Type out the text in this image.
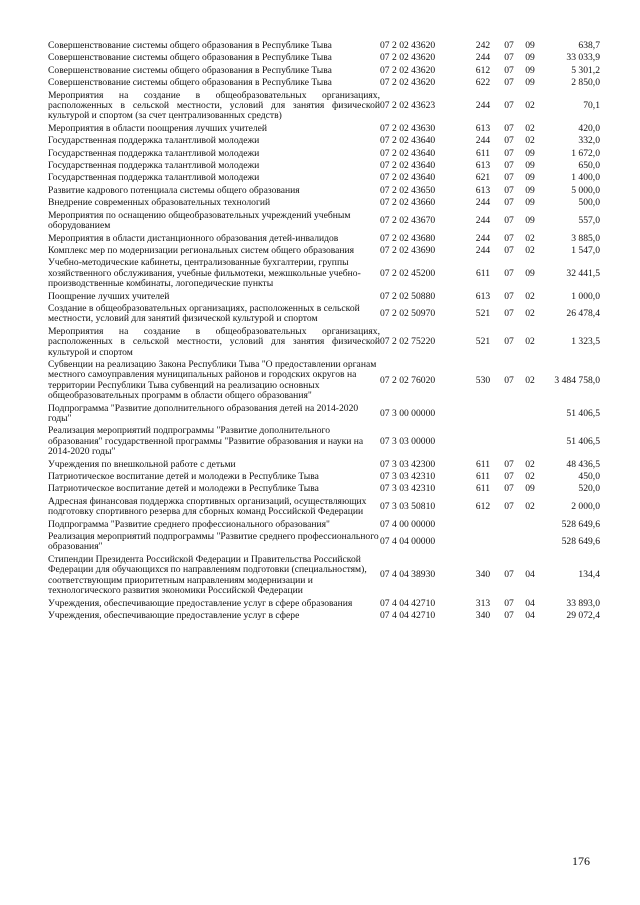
Совершенствование системы общего образования в Республике Тыва	07 2 02 43620	242	07	09	638,7
Совершенствование системы общего образования в Республике Тыва	07 2 02 43620	244	07	09	33 033,9
Совершенствование системы общего образования в Республике Тыва	07 2 02 43620	612	07	09	5 301,2
Совершенствование системы общего образования в Республике Тыва	07 2 02 43620	622	07	09	2 850,0
Мероприятия на создание в общеобразовательных организациях, расположенных в сельской местности, условий для занятия физической культурой и спортом (за счет централизованных средств)	07 2 02 43623	244	07	02	70,1
Мероприятия в области поощрения лучших учителей	07 2 02 43630	613	07	02	420,0
Государственная поддержка талантливой молодежи	07 2 02 43640	244	07	02	332,0
Государственная поддержка талантливой молодежи	07 2 02 43640	611	07	09	1 672,0
Государственная поддержка талантливой молодежи	07 2 02 43640	613	07	09	650,0
Государственная поддержка талантливой молодежи	07 2 02 43640	621	07	09	1 400,0
Развитие кадрового потенциала системы общего образования	07 2 02 43650	613	07	09	5 000,0
Внедрение современных образовательных технологий	07 2 02 43660	244	07	09	500,0
Мероприятия по оснащению общеобразовательных учреждений учебным оборудованием	07 2 02 43670	244	07	09	557,0
Мероприятия в области дистанционного образования детей-инвалидов	07 2 02 43680	244	07	02	3 885,0
Комплекс мер по модернизации региональных систем общего образования	07 2 02 43690	244	07	02	1 547,0
Учебно-методические кабинеты, централизованные бухгалтерии, группы хозяйственного обслуживания, учебные фильмотеки, межшкольные учебно-производственные комбинаты, логопедические пункты	07 2 02 45200	611	07	09	32 441,5
Поощрение лучших учителей	07 2 02 50880	613	07	02	1 000,0
Создание в общеобразовательных организациях, расположенных в сельской местности, условий для занятий физической культурой и спортом	07 2 02 50970	521	07	02	26 478,4
Мероприятия на создание в общеобразовательных организациях, расположенных в сельской местности, условий для занятия физической культурой и спортом	07 2 02 75220	521	07	02	1 323,5
Субвенции на реализацию Закона Республики Тыва "О предоставлении органам местного самоуправления муниципальных районов и городских округов на территории Республики Тыва субвенций на реализацию основных общеобразовательных программ в области общего образования"	07 2 02 76020	530	07	02	3 484 758,0
Подпрограмма "Развитие дополнительного образования детей на 2014-2020 годы"	07 3 00 00000				51 406,5
Реализация мероприятий подпрограммы "Развитие дополнительного образования" государственной программы "Развитие образования и науки на 2014-2020 годы"	07 3 03 00000				51 406,5
Учреждения по внешкольной работе с детьми	07 3 03 42300	611	07	02	48 436,5
Патриотическое воспитание детей и молодежи в Республике Тыва	07 3 03 42310	611	07	02	450,0
Патриотическое воспитание детей и молодежи в Республике Тыва	07 3 03 42310	611	07	09	520,0
Адресная финансовая поддержка спортивных организаций, осуществляющих подготовку спортивного резерва для сборных команд Российской Федерации	07 3 03 50810	612	07	02	2 000,0
Подпрограмма "Развитие среднего профессионального образования"	07 4 00 00000				528 649,6
Реализация мероприятий подпрограммы "Развитие среднего профессионального образования"	07 4 04 00000				528 649,6
Стипендии Президента Российской Федерации и Правительства Российской Федерации для обучающихся по направлениям подготовки (специальностям), соответствующим приоритетным направлениям модернизации и технологического развития экономики Российской Федерации	07 4 04 38930	340	07	04	134,4
Учреждения, обеспечивающие предоставление услуг в сфере образования	07 4 04 42710	313	07	04	33 893,0
Учреждения, обеспечивающие предоставление услуг в сфере	07 4 04 42710	340	07	04	29 072,4
176
